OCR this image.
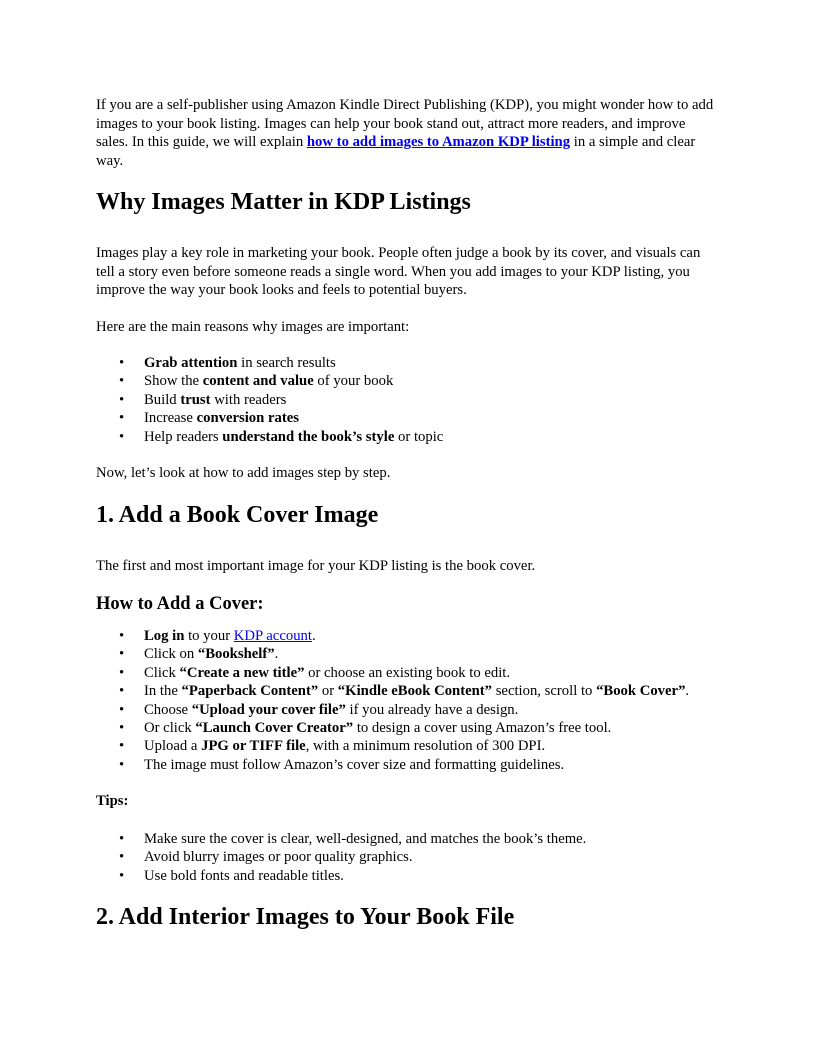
If you are a self-publisher using Amazon Kindle Direct Publishing (KDP), you might wonder how to add images to your book listing. Images can help your book stand out, attract more readers, and improve sales. In this guide, we will explain how to add images to Amazon KDP listing in a simple and clear way.

Why Images Matter in KDP Listings

Images play a key role in marketing your book. People often judge a book by its cover, and visuals can tell a story even before someone reads a single word. When you add images to your KDP listing, you improve the way your book looks and feels to potential buyers.

Here are the main reasons why images are important:

• Grab attention in search results
• Show the content and value of your book
• Build trust with readers
• Increase conversion rates
• Help readers understand the book’s style or topic

Now, let’s look at how to add images step by step.

1. Add a Book Cover Image

The first and most important image for your KDP listing is the book cover.

How to Add a Cover:
• Log in to your KDP account.
• Click on “Bookshelf”.
• Click “Create a new title” or choose an existing book to edit.
• In the “Paperback Content” or “Kindle eBook Content” section, scroll to “Book Cover”.
• Choose “Upload your cover file” if you already have a design.
• Or click “Launch Cover Creator” to design a cover using Amazon’s free tool.
• Upload a JPG or TIFF file, with a minimum resolution of 300 DPI.
• The image must follow Amazon’s cover size and formatting guidelines.
Tips:
• Make sure the cover is clear, well-designed, and matches the book’s theme.
• Avoid blurry images or poor quality graphics.
• Use bold fonts and readable titles.
2. Add Interior Images to Your Book File
